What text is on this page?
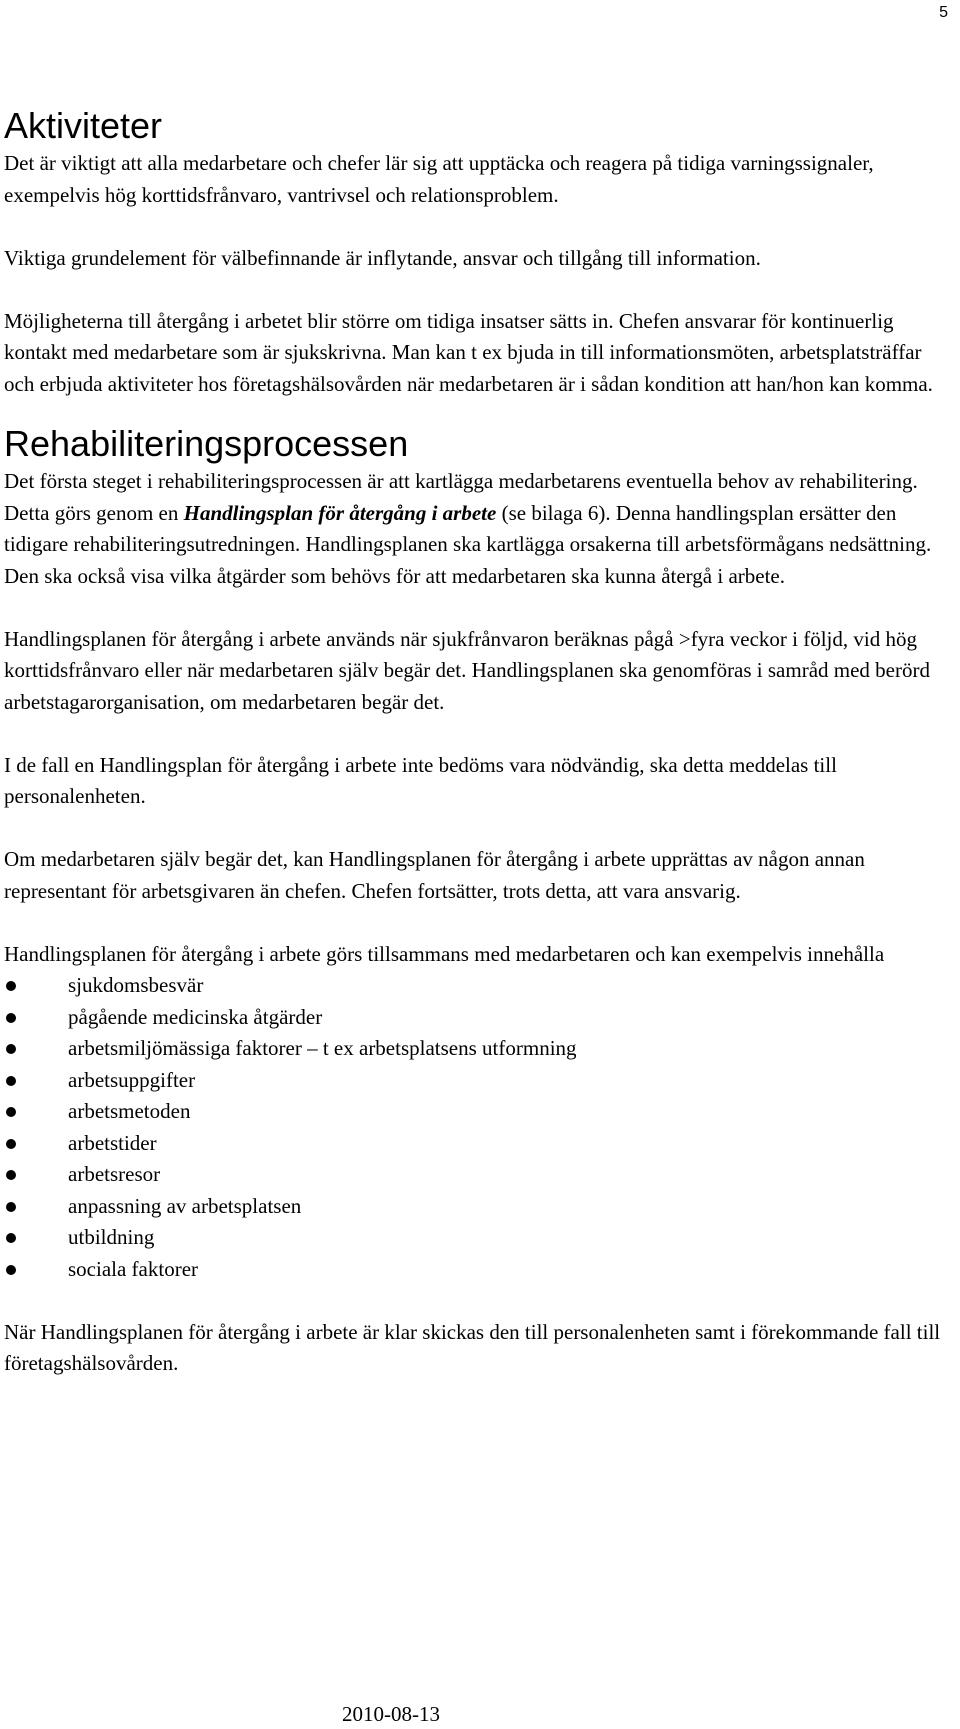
5
Aktiviteter

Det är viktigt att alla medarbetare och chefer lär sig att upptäcka och reagera på tidiga varningssignaler, exempelvis hög korttidsfrånvaro, vantrivsel och relationsproblem.

Viktiga grundelement för välbefinnande är inflytande, ansvar och tillgång till information.

Möjligheterna till återgång i arbetet blir större om tidiga insatser sätts in. Chefen ansvarar för kontinuerlig kontakt med medarbetare som är sjukskrivna. Man kan t ex bjuda in till informationsmöten, arbetsplatsträffar och erbjuda aktiviteter hos företagshälsovården när medarbetaren är i sådan kondition att han/hon kan komma.

Rehabiliteringsprocessen

Det första steget i rehabiliteringsprocessen är att kartlägga medarbetarens eventuella behov av rehabilitering. Detta görs genom en Handlingsplan för återgång i arbete (se bilaga 6). Denna handlingsplan ersätter den tidigare rehabiliteringsutredningen. Handlingsplanen ska kartlägga orsakerna till arbetsförmågans nedsättning. Den ska också visa vilka åtgärder som behövs för att medarbetaren ska kunna återgå i arbete.

Handlingsplanen för återgång i arbete används när sjukfrånvaron beräknas pågå >fyra veckor i följd, vid hög korttidsfrånvaro eller när medarbetaren själv begär det. Handlingsplanen ska genomföras i samråd med berörd arbetstagarorganisation, om medarbetaren begär det.

I de fall en Handlingsplan för återgång i arbete inte bedöms vara nödvändig, ska detta meddelas till personalenheten.

Om medarbetaren själv begär det, kan Handlingsplanen för återgång i arbete upprättas av någon annan representant för arbetsgivaren än chefen. Chefen fortsätter, trots detta, att vara ansvarig.

Handlingsplanen för återgång i arbete görs tillsammans med medarbetaren och kan exempelvis innehålla

sjukdomsbesvär
pågående medicinska åtgärder
arbetsmiljömässiga faktorer – t ex arbetsplatsens utformning
arbetsuppgifter
arbetsmetoden
arbetstider
arbetsresor
anpassning av arbetsplatsen
utbildning
sociala faktorer

När Handlingsplanen för återgång i arbete är klar skickas den till personalenheten samt i förekommande fall till företagshälsovården.

2010-08-13
